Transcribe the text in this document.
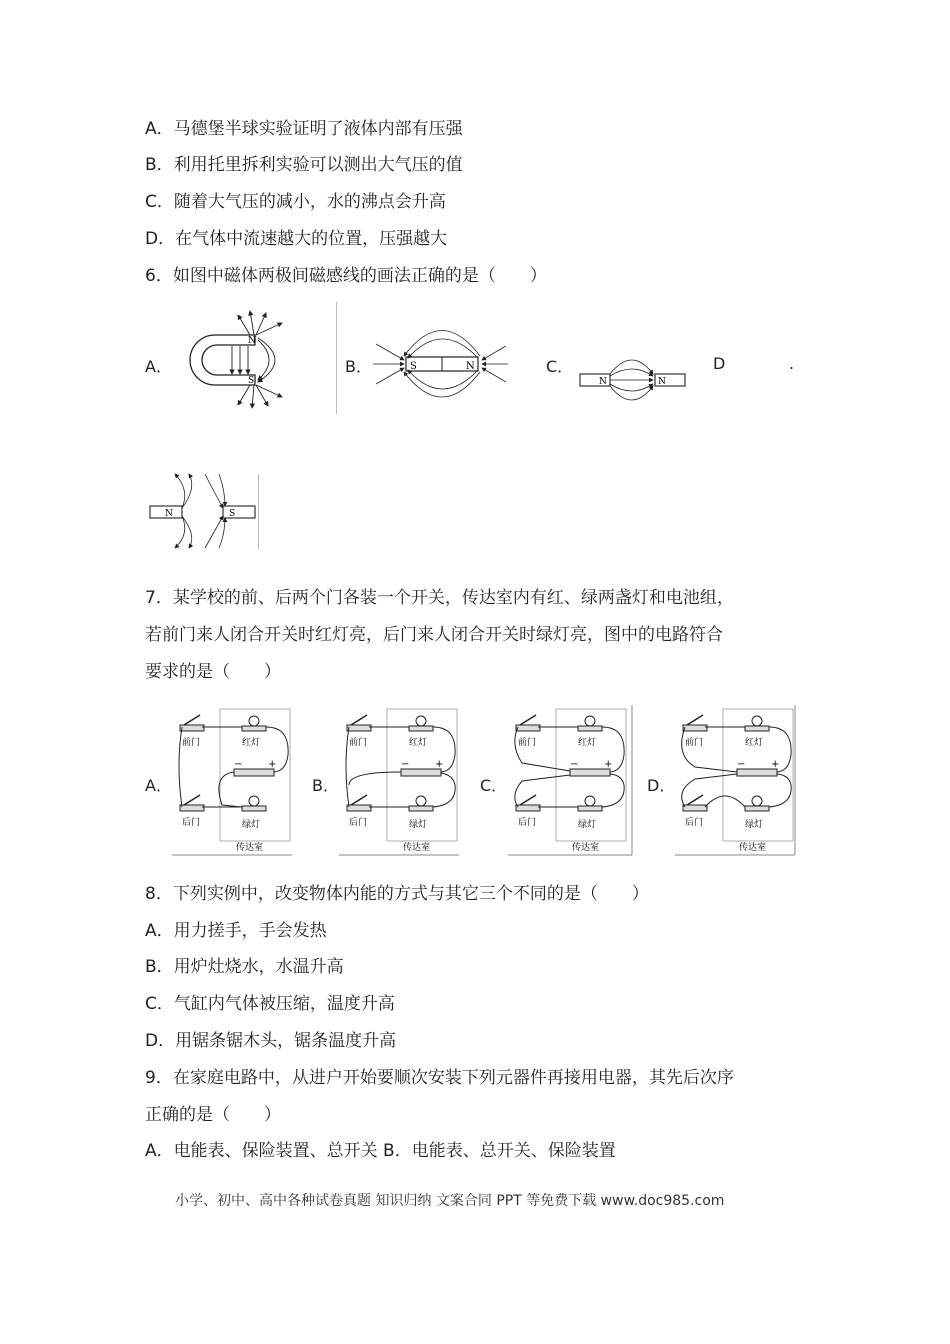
A．马德堡半球实验证明了液体内部有压强
B．利用托里拆利实验可以测出大气压的值
C．随着大气压的减小，水的沸点会升高
D．在气体中流速越大的位置，压强越大
6．如图中磁体两极间磁感线的画法正确的是（　　）
A．
N
S
B．	S	N	C．
N	N
D	.
N	S
7．某学校的前、后两个门各装一个开关，传达室内有红、绿两盏灯和电池组，
若前门来人闭合开关时红灯亮，后门来人闭合开关时绿灯亮，图中的电路符合
要求的是（　　）
A．	B．	C．	D．
−	+
前门	红灯
后门	绿灯
传达室
−	+
前门	红灯
后门	绿灯
传达室
−	+
前门	红灯
后门	绿灯
传达室
−	+
前门	红灯
后门	绿灯
传达室
8．下列实例中，改变物体内能的方式与其它三个不同的是（　　）
A．用力搓手，手会发热
B．用炉灶烧水，水温升高
C．气缸内气体被压缩，温度升高
D．用锯条锯木头，锯条温度升高
9．在家庭电路中，从进户开始要顺次安装下列元器件再接用电器，其先后次序
正确的是（　　）
A．电能表、保险装置、总开关 B．电能表、总开关、保险装置
小学、初中、高中各种试卷真题 知识归纳 文案合同 PPT 等免费下载 www.doc985.com
